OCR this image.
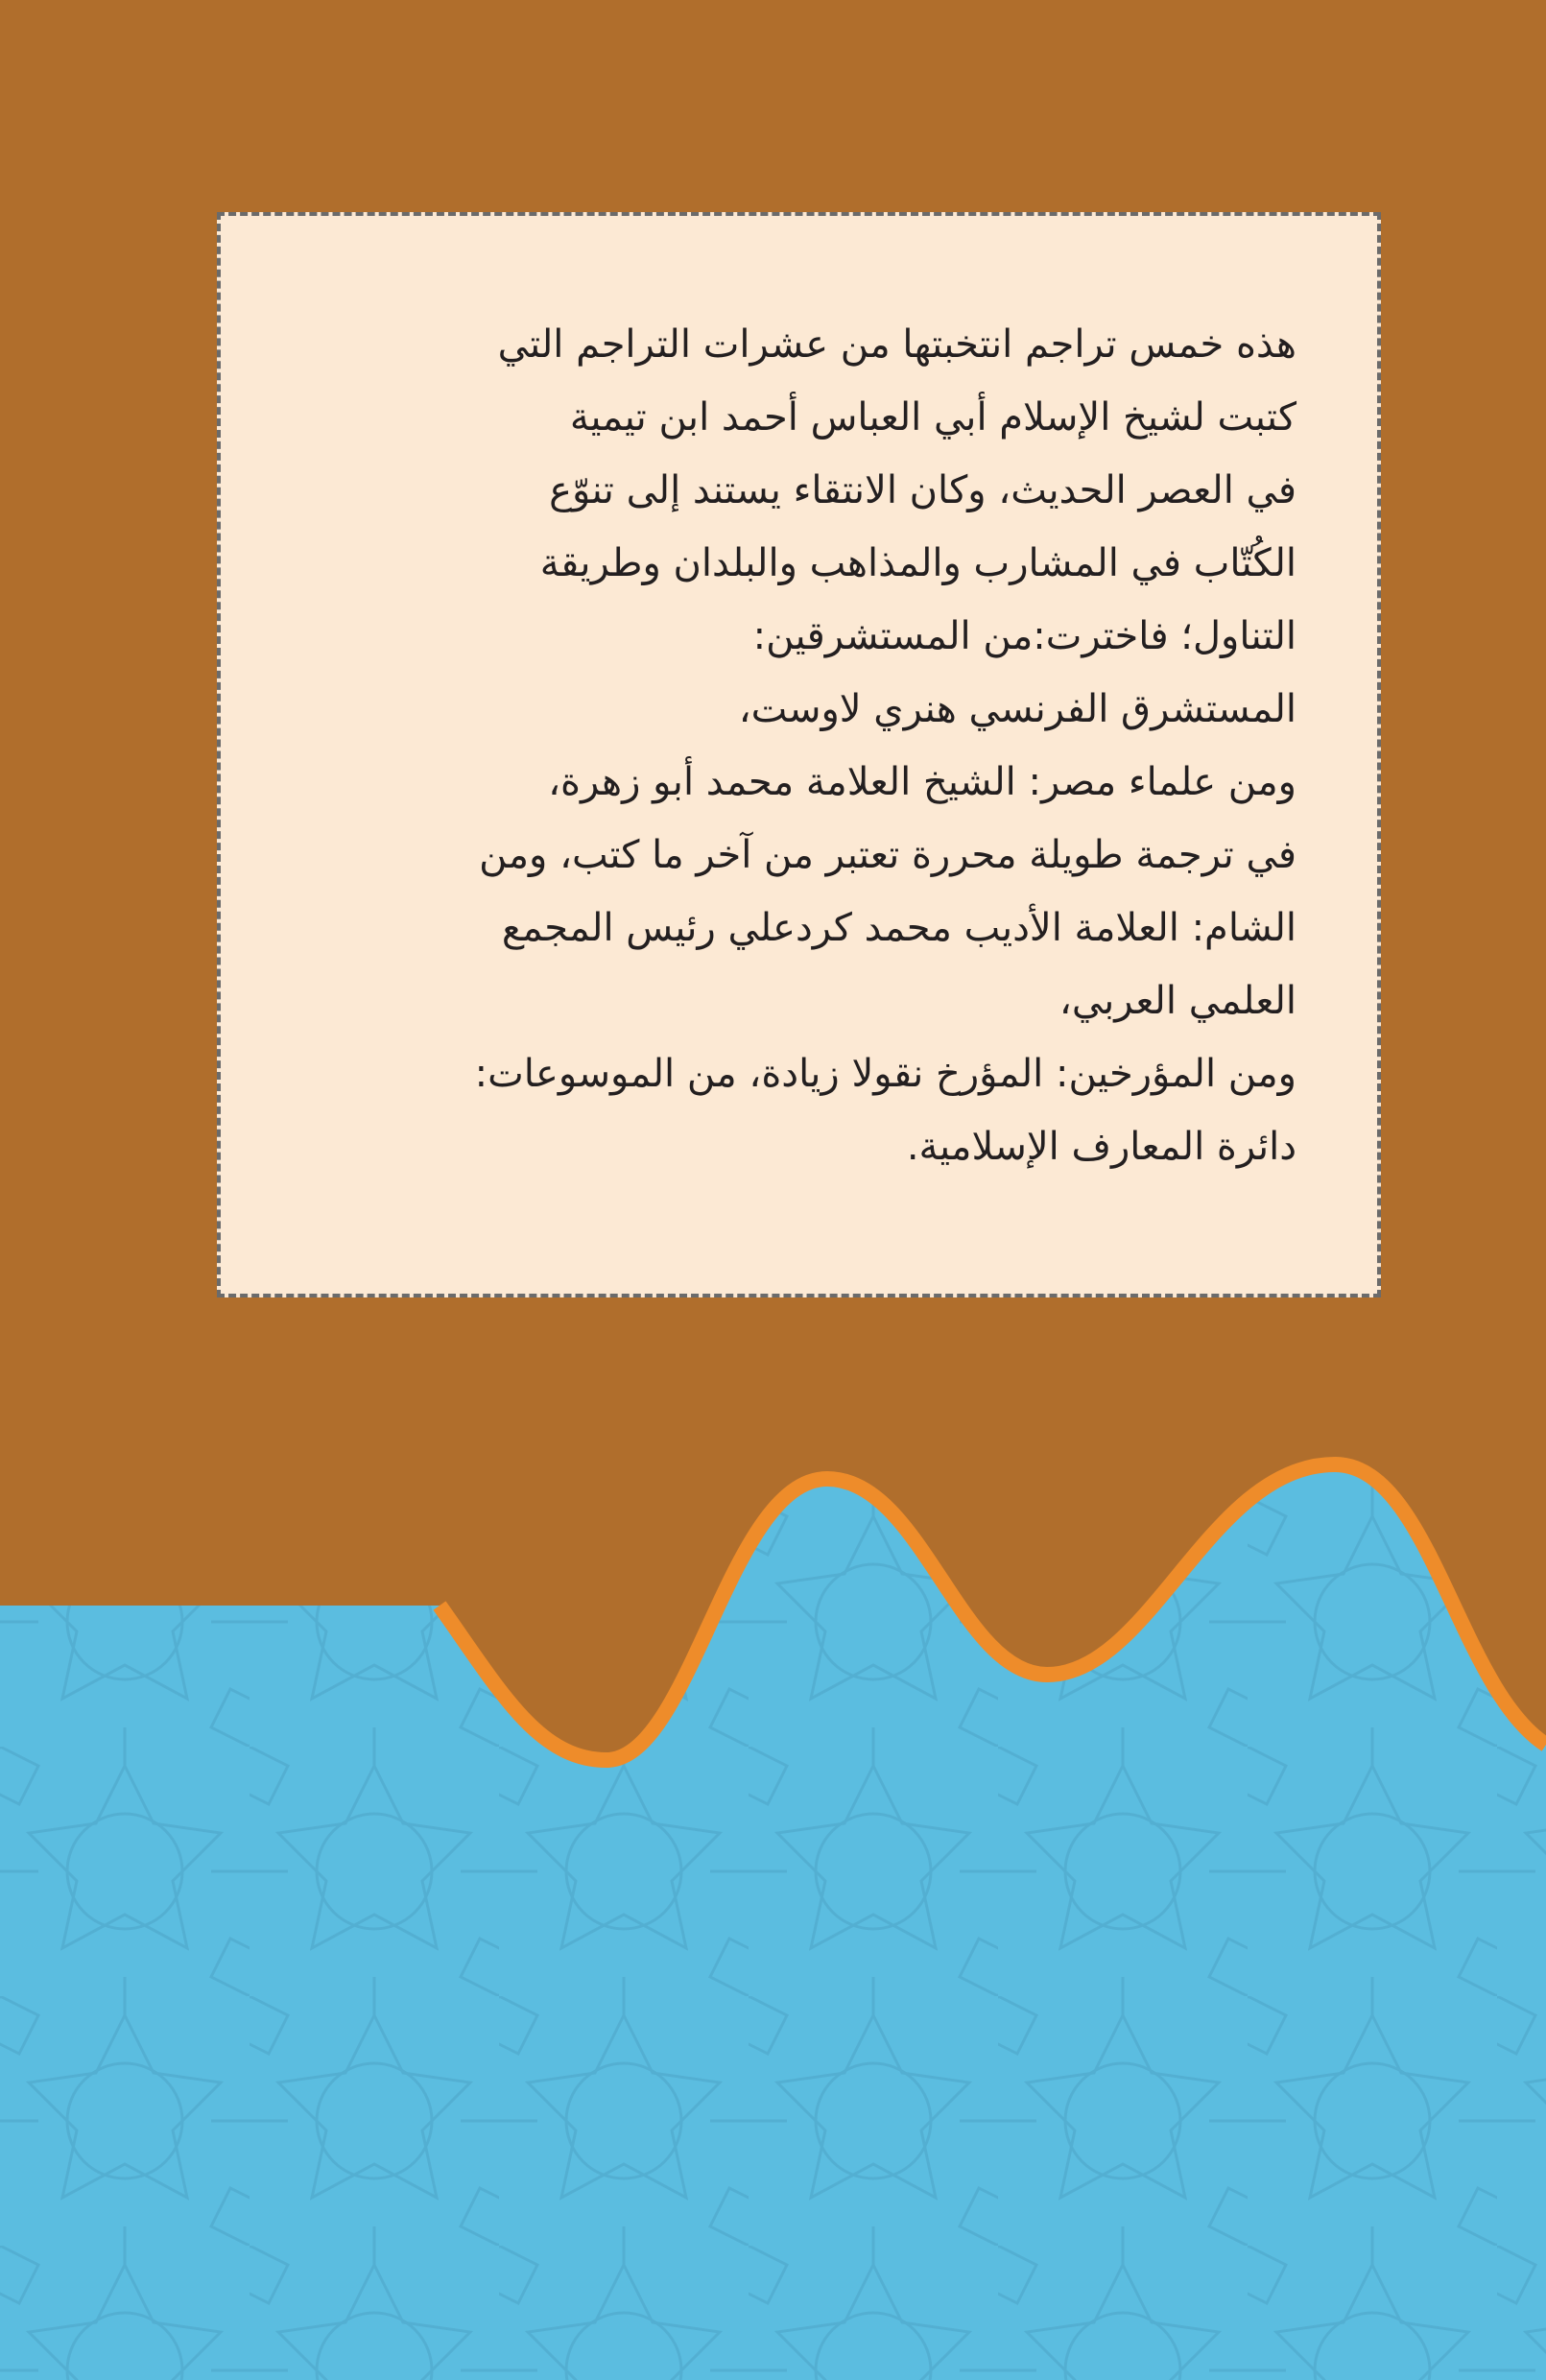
هذه خمس تراجم انتخبتها من عشرات التراجم التي
كتبت لشيخ الإسلام أبي العباس أحمد ابن تيمية
في العصر الحديث، وكان الانتقاء يستند إلى تنوّع
الكُتّاب في المشارب والمذاهب والبلدان وطريقة
التناول؛ فاخترت:من المستشرقين:
المستشرق الفرنسي هنري لاوست،
ومن علماء مصر: الشيخ العلامة محمد أبو زهرة،
في ترجمة طويلة محررة تعتبر من آخر ما كتب، ومن
الشام: العلامة الأديب محمد كردعلي رئيس المجمع
العلمي العربي،
ومن المؤرخين: المؤرخ نقولا زيادة، من الموسوعات:
دائرة المعارف الإسلامية.
